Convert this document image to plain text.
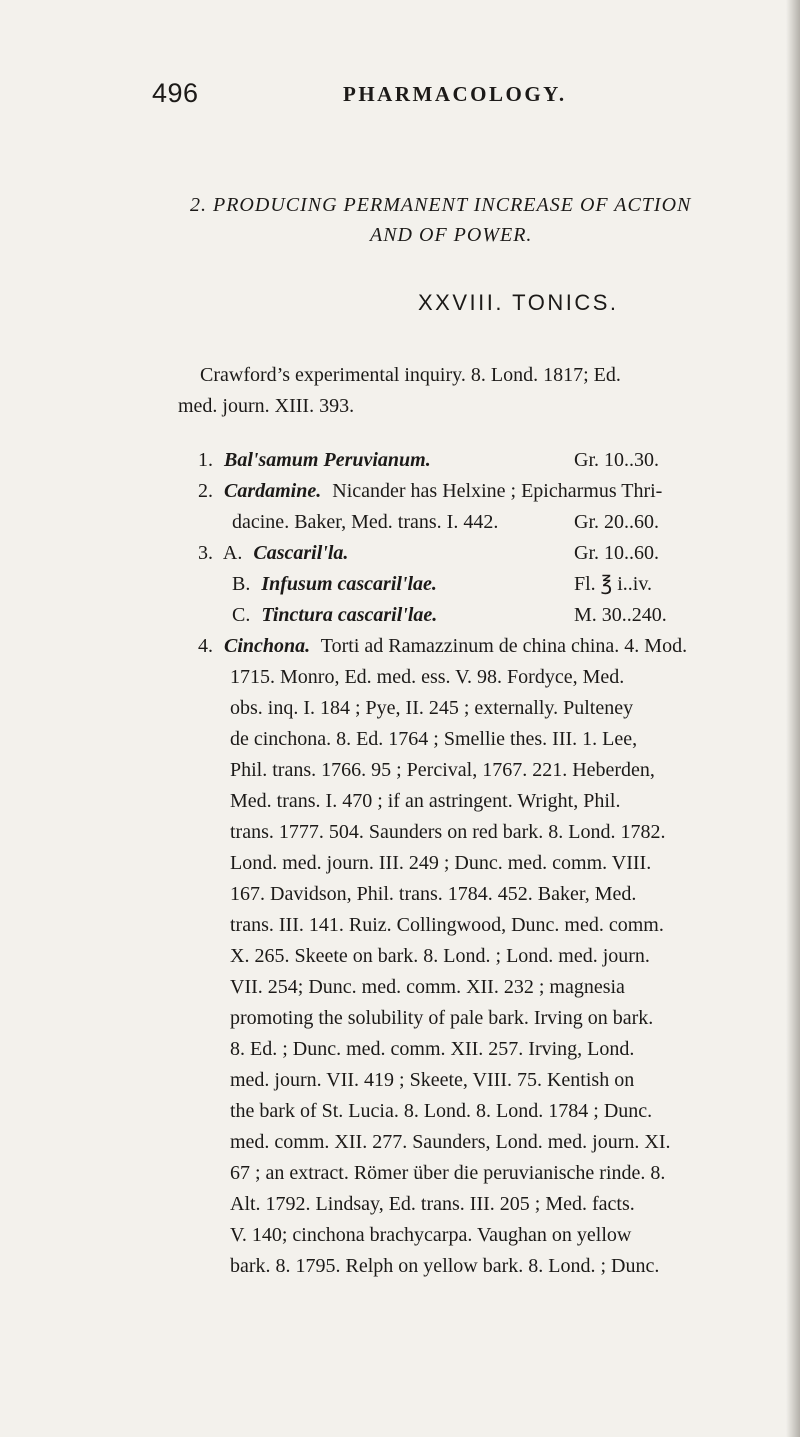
496	PHARMACOLOGY.
2. PRODUCING PERMANENT INCREASE OF ACTION
AND OF POWER.
XXVIII. TONICS.
Crawford’s experimental inquiry. 8. Lond. 1817; Ed.
med. journ. XIII. 393.
1. Bal'samum Peruvianum.	Gr. 10..30.
2. Cardamine. Nicander has Helxine ; Epicharmus Thri-
dacine. Baker, Med. trans. I. 442.	Gr. 20..60.
3. A. Cascaril'la.	Gr. 10..60.
B. Infusum cascaril'lae.	Fl. ℥ i..iv.
C. Tinctura cascaril'lae.	M. 30..240.
4. Cinchona. Torti ad Ramazzinum de china china. 4. Mod.
1715. Monro, Ed. med. ess. V. 98. Fordyce, Med.
obs. inq. I. 184 ; Pye, II. 245 ; externally. Pulteney
de cinchona. 8. Ed. 1764 ; Smellie thes. III. 1. Lee,
Phil. trans. 1766. 95 ; Percival, 1767. 221. Heberden,
Med. trans. I. 470 ; if an astringent. Wright, Phil.
trans. 1777. 504. Saunders on red bark. 8. Lond. 1782.
Lond. med. journ. III. 249 ; Dunc. med. comm. VIII.
167. Davidson, Phil. trans. 1784. 452. Baker, Med.
trans. III. 141. Ruiz. Collingwood, Dunc. med. comm.
X. 265. Skeete on bark. 8. Lond. ; Lond. med. journ.
VII. 254; Dunc. med. comm. XII. 232 ; magnesia
promoting the solubility of pale bark. Irving on bark.
8. Ed. ; Dunc. med. comm. XII. 257. Irving, Lond.
med. journ. VII. 419 ; Skeete, VIII. 75. Kentish on
the bark of St. Lucia. 8. Lond. 8. Lond. 1784 ; Dunc.
med. comm. XII. 277. Saunders, Lond. med. journ. XI.
67 ; an extract. Römer über die peruvianische rinde. 8.
Alt. 1792. Lindsay, Ed. trans. III. 205 ; Med. facts.
V. 140; cinchona brachycarpa. Vaughan on yellow
bark. 8. 1795. Relph on yellow bark. 8. Lond. ; Dunc.
